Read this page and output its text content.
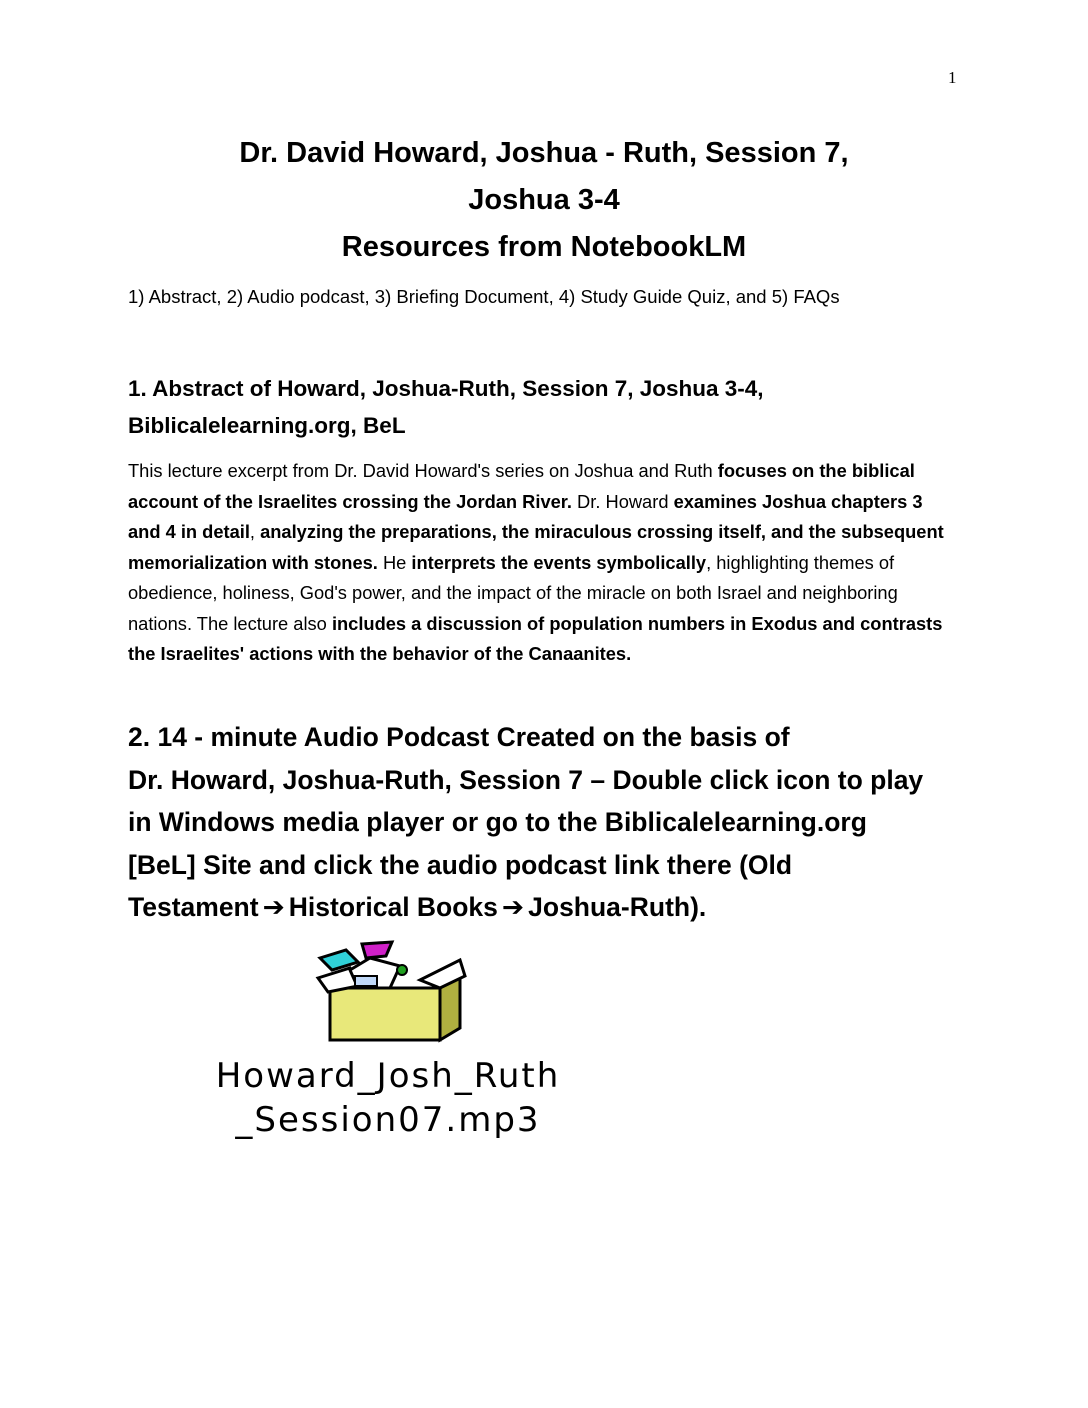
1
Dr. David Howard, Joshua - Ruth, Session 7,
Joshua 3-4
Resources from NotebookLM
1) Abstract, 2) Audio podcast, 3) Briefing Document, 4) Study Guide Quiz, and 5) FAQs
1. Abstract of Howard, Joshua-Ruth, Session 7, Joshua 3-4,
Biblicalelearning.org, BeL
This lecture excerpt from Dr. David Howard's series on Joshua and Ruth focuses on the biblical account of the Israelites crossing the Jordan River. Dr. Howard examines Joshua chapters 3 and 4 in detail, analyzing the preparations, the miraculous crossing itself, and the subsequent memorialization with stones. He interprets the events symbolically, highlighting themes of obedience, holiness, God's power, and the impact of the miracle on both Israel and neighboring nations. The lecture also includes a discussion of population numbers in Exodus and contrasts the Israelites' actions with the behavior of the Canaanites.
2. 14 - minute Audio Podcast Created on the basis of
Dr. Howard, Joshua-Ruth, Session 7 – Double click icon to play
in Windows media player or go to the Biblicalelearning.org
[BeL] Site and click the audio podcast link there (Old
Testament ➔ Historical Books ➔ Joshua-Ruth).
Howard_Josh_Ruth
_Session07.mp3
